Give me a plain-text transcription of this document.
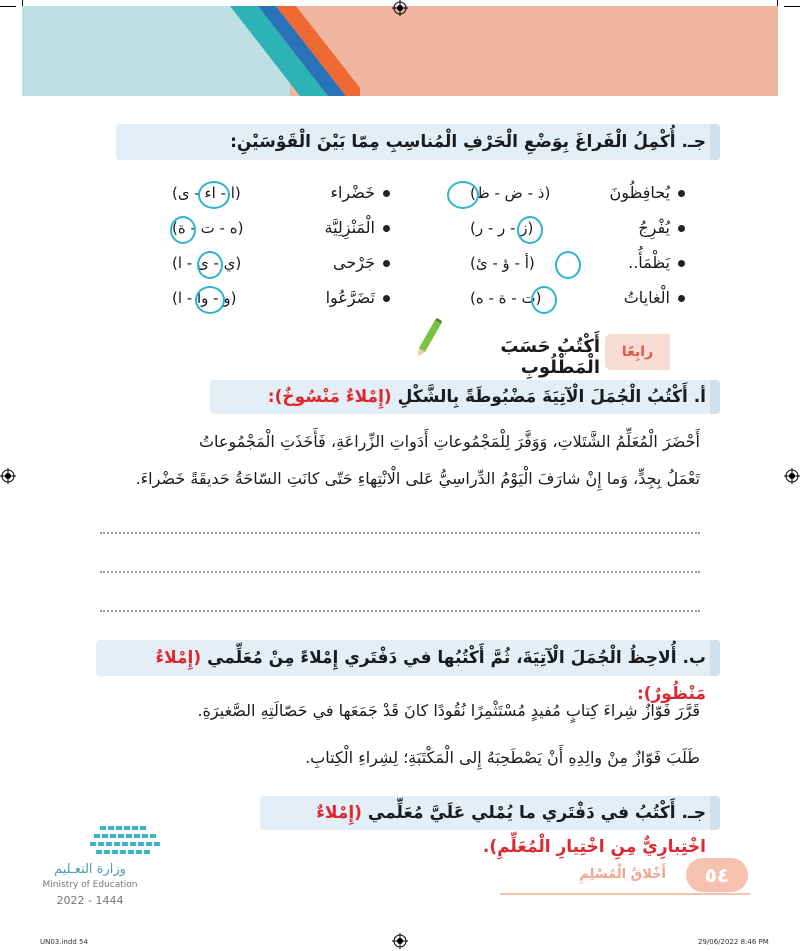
جـ. أُكْمِلُ الْفَراغَ بِوَضْعِ الْحَرْفِ الْمُناسِبِ مِمّا بَيْنَ الْقَوْسَيْنِ:
يُحافِظُونَ
(ذ - ض - ظ)
يُفْرِجُ
(ز - ر - ر)
يَظْمَأُ..
(أ - ؤ - ئ)
الْغاياتُ
(ت - ة - ه)
خَضْراء
(ا - اء - ى)
الْمَنْزِلِيَّة
(ه - ت - ة)
جَرْحى
(ي - ى - ا)
تَضَرَّعُوا
(و - وا - ا)
رابِعًا
أَكْتُبُ حَسَبَ الْمَطْلُوبِ
أ. أَكْتُبُ الْجُمَلَ الْآتِيَةَ مَضْبُوطَةً بِالشَّكْلِ (إِمْلاءٌ مَنْسُوخٌ):
أَحْضَرَ الْمُعَلِّمُ الشَّتَلاتِ، وَوَفَّرَ لِلْمَجْمُوعاتِ أَدَواتِ الزِّراعَةِ، فَأَخَذَتِ الْمَجْمُوعاتُ
تَعْمَلُ بِجِدٍّ، وَما إِنْ شارَفَ الْيَوْمُ الدِّراسِيُّ عَلى الْانْتِهاءِ حَتّى كانَتِ السّاحَةُ حَديقَةً خَضْراءَ.
ب. أُلاحِظُ الْجُمَلَ الْآتِيَةَ، ثُمَّ أَكْتُبُها في دَفْتَري إِمْلاءً مِنْ مُعَلِّمي (إِمْلاءٌ مَنْظُورٌ):
قَرَّرَ فَوّازٌ شِراءَ كِتابٍ مُفيدٍ مُسْتَثْمِرًا نُقُودًا كانَ قَدْ جَمَعَها في حَصّالَتِهِ الصَّغيرَةِ.
طَلَبَ فَوّازٌ مِنْ والِدِهِ أَنْ يَصْطَحِبَهُ إِلى الْمَكْتَبَةِ؛ لِشِراءِ الْكِتابِ.
جـ. أَكْتُبُ في دَفْتَري ما يُمْلي عَلَيَّ مُعَلِّمي (إِمْلاءٌ اخْتِبارِيٌّ مِنِ اخْتِيارِ الْمُعَلِّمِ).
وزارة التعـليم
Ministry of Education
2022 - 1444
أَخْلاقُ الْمُسْلِمِ	٥٤
UN03.indd 54	29/06/2022 8:46 PM
